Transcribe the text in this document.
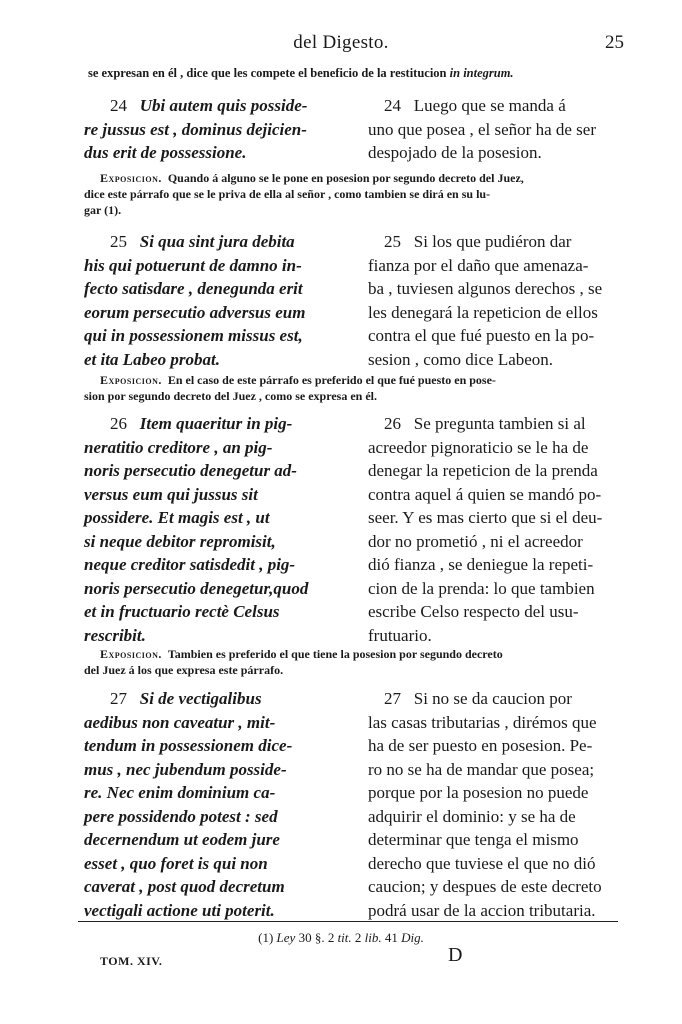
del Digesto.	25
se expresan en él , dice que les compete el beneficio de la restitucion in integrum.
24 Ubi autem quis posside-
re jussus est , dominus dejicien-
dus erit de possessione.
24 Luego que se manda á
uno que posea , el señor ha de ser
despojado de la posesion.
Exposicion. Quando á alguno se le pone en posesion por segundo decreto del Juez,
dice este párrafo que se le priva de ella al señor , como tambien se dirá en su lu-
gar (1).
25 Si qua sint jura debita
his qui potuerunt de damno in-
fecto satisdare , denegunda erit
eorum persecutio adversus eum
qui in possessionem missus est,
et ita Labeo probat.
25 Si los que pudiéron dar
fianza por el daño que amenaza-
ba , tuviesen algunos derechos , se
les denegará la repeticion de ellos
contra el que fué puesto en la po-
sesion , como dice Labeon.
Exposicion. En el caso de este párrafo es preferido el que fué puesto en pose-
sion por segundo decreto del Juez , como se expresa en él.
26 Item quaeritur in pig-
neratitio creditore , an pig-
noris persecutio denegetur ad-
versus eum qui jussus sit
possidere. Et magis est , ut
si neque debitor repromisit,
neque creditor satisdedit , pig-
noris persecutio denegetur,quod
et in fructuario rectè Celsus
rescribit.
26 Se pregunta tambien si al
acreedor pignoraticio se le ha de
denegar la repeticion de la prenda
contra aquel á quien se mandó po-
seer. Y es mas cierto que si el deu-
dor no prometió , ni el acreedor
dió fianza , se deniegue la repeti-
cion de la prenda: lo que tambien
escribe Celso respecto del usu-
frutuario.
Exposicion. Tambien es preferido el que tiene la posesion por segundo decreto
del Juez á los que expresa este párrafo.
27 Si de vectigalibus
aedibus non caveatur , mit-
tendum in possessionem dice-
mus , nec jubendum posside-
re. Nec enim dominium ca-
pere possidendo potest : sed
decernendum ut eodem jure
esset , quo foret is qui non
caverat , post quod decretum
vectigali actione uti poterit.
27 Si no se da caucion por
las casas tributarias , dirémos que
ha de ser puesto en posesion. Pe-
ro no se ha de mandar que posea;
porque por la posesion no puede
adquirir el dominio: y se ha de
determinar que tenga el mismo
derecho que tuviese el que no dió
caucion; y despues de este decreto
podrá usar de la accion tributaria.
(1) Ley 30 §. 2 tit. 2 lib. 41 Dig.
TOM. XIV.	D
